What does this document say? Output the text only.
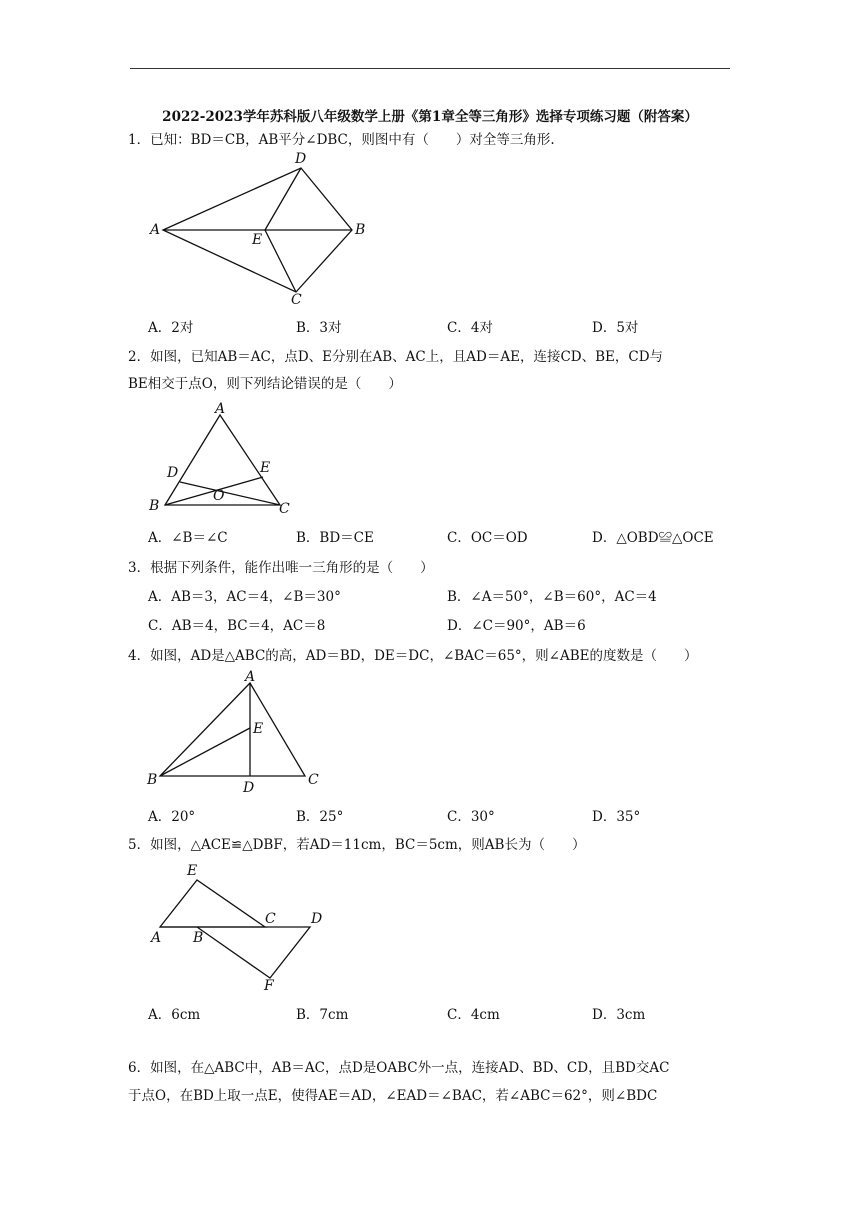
2022-2023学年苏科版八年级数学上册《第1章全等三角形》选择专项练习题（附答案）
1．已知：BD＝CB，AB平分∠DBC，则图中有（　　）对全等三角形.
A
D
B
E
C
A．2对	B．3对	C．4对	D．5对
2．如图，已知AB＝AC，点D、E分别在AB、AC上，且AD＝AE，连接CD、BE，CD与
BE相交于点O，则下列结论错误的是（　　）
A
D	E
B
O
C
A．∠B＝∠C	B．BD＝CE	C．OC＝OD	D．△OBD≌△OCE
3．根据下列条件，能作出唯一三角形的是（　　）
A．AB＝3，AC＝4，∠B＝30°	B．∠A＝50°，∠B＝60°，AC＝4
C．AB＝4，BC＝4，AC＝8	D．∠C＝90°，AB＝6
4．如图，AD是△ABC的高，AD＝BD，DE＝DC，∠BAC＝65°，则∠ABE的度数是（　　）
A
E
B	D	C
A．20°	B．25°	C．30°	D．35°
5．如图，△ACE≌△DBF，若AD＝11cm，BC＝5cm，则AB长为（　　）
E
C	D
A B
F
A．6cm	B．7cm	C．4cm	D．3cm
6．如图，在△ABC中，AB＝AC，点D是OABC外一点，连接AD、BD、CD，且BD交AC
于点O，在BD上取一点E，使得AE＝AD，∠EAD＝∠BAC，若∠ABC＝62°，则∠BDC
